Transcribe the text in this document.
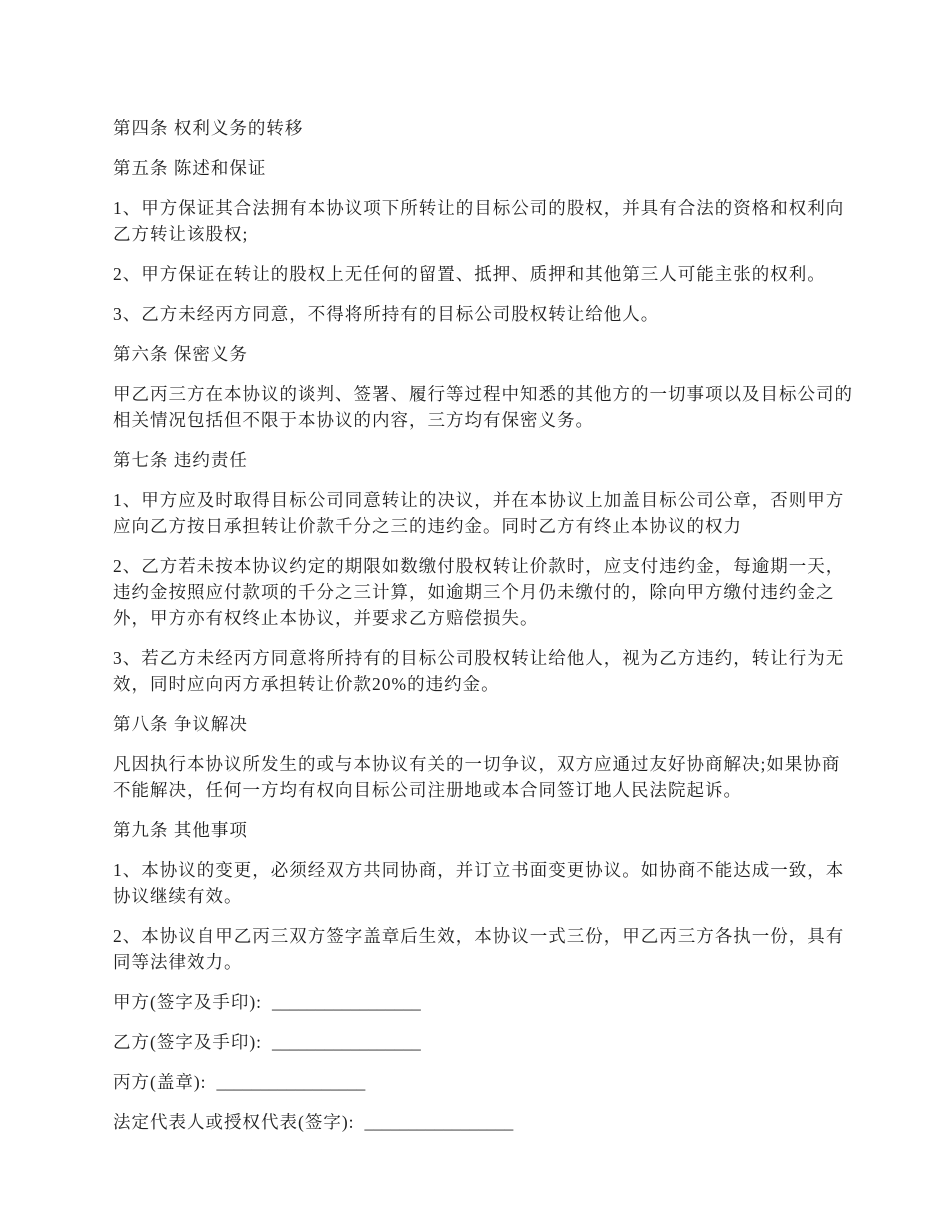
第四条 权利义务的转移

第五条 陈述和保证

1、甲方保证其合法拥有本协议项下所转让的目标公司的股权，并具有合法的资格和权利向乙方转让该股权;

2、甲方保证在转让的股权上无任何的留置、抵押、质押和其他第三人可能主张的权利。

3、乙方未经丙方同意，不得将所持有的目标公司股权转让给他人。

第六条 保密义务

甲乙丙三方在本协议的谈判、签署、履行等过程中知悉的其他方的一切事项以及目标公司的相关情况包括但不限于本协议的内容，三方均有保密义务。

第七条 违约责任

1、甲方应及时取得目标公司同意转让的决议，并在本协议上加盖目标公司公章，否则甲方应向乙方按日承担转让价款千分之三的违约金。同时乙方有终止本协议的权力

2、乙方若未按本协议约定的期限如数缴付股权转让价款时，应支付违约金，每逾期一天，违约金按照应付款项的千分之三计算，如逾期三个月仍未缴付的，除向甲方缴付违约金之外，甲方亦有权终止本协议，并要求乙方赔偿损失。

3、若乙方未经丙方同意将所持有的目标公司股权转让给他人，视为乙方违约，转让行为无效，同时应向丙方承担转让价款20%的违约金。

第八条 争议解决

凡因执行本协议所发生的或与本协议有关的一切争议，双方应通过友好协商解决;如果协商不能解决，任何一方均有权向目标公司注册地或本合同签订地人民法院起诉。

第九条 其他事项

1、本协议的变更，必须经双方共同协商，并订立书面变更协议。如协商不能达成一致，本协议继续有效。

2、本协议自甲乙丙三双方签字盖章后生效，本协议一式三份，甲乙丙三方各执一份，具有同等法律效力。

甲方(签字及手印): _________________

乙方(签字及手印): _________________

丙方(盖章): _________________

法定代表人或授权代表(签字): _________________
